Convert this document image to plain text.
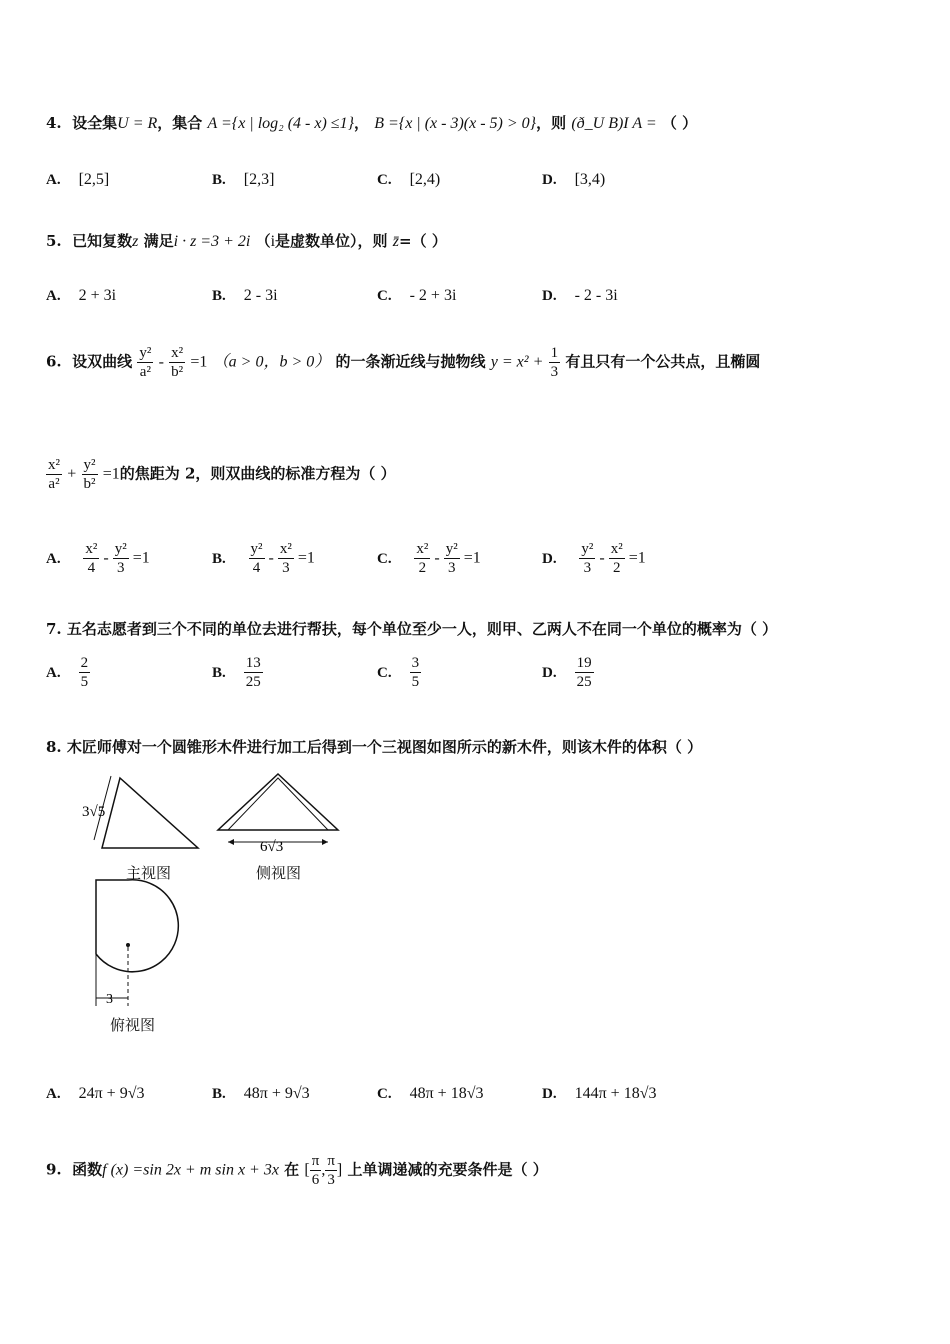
4. 设全集U = R，集合 A ={x | log₂ (4 - x) ≤1}， B ={x | (x - 3)(x - 5) > 0}，则 (ð_U B)I A = （ ）
A. [2,5]	B. [2,3]	C. [2,4)	D. [3,4)
5. 已知复数z 满足i · z =3 + 2i （i是虚数单位），则 z̄=（ ）
A. 2 + 3i	B. 2 - 3i	C. - 2 + 3i	D. - 2 - 3i
6. 设双曲线 $\frac{\text{y²}}{\text{a²}} - \frac{\text{x²}}{\text{b²}} =1$ （a > 0，b > 0） 的一条渐近线与抛物线 $y = x^2 + \frac{1}{3}$ 有且只有一个公共点，且椭圆
$\frac{\text{x²}}{\text{a²}} + \frac{\text{y²}}{\text{b²}} =1$的焦距为 2，则双曲线的标准方程为（ ）
A. $\frac{\text{x²}}{4} - \frac{\text{y²}}{3} =1$	B. $\frac{\text{y²}}{4} - \frac{\text{x²}}{3} =1$	C. $\frac{\text{x²}}{2} - \frac{\text{y²}}{3} =1$	D. $\frac{\text{y²}}{3} - \frac{\text{x²}}{2} =1$
7. 五名志愿者到三个不同的单位去进行帮扶，每个单位至少一人，则甲、乙两人不在同一个单位的概率为（ ）
A. $\frac{2}{5}$	B. $\frac{13}{25}$	C. $\frac{3}{5}$	D. $\frac{19}{25}$
8. 木匠师傅对一个圆锥形木件进行加工后得到一个三视图如图所示的新木件，则该木件的体积（ ）
3√5
主视图
6√3
侧视图
3
俯视图
A. 24π + 9√3	B. 48π + 9√3	C. 48π + 18√3	D. 144π + 18√3
9. 函数f (x) =sin 2x + m sin x + 3x 在 [ $\frac{\pi}{6}$ , $\frac{\pi}{3}$ ] 上单调递减的充要条件是（ ）
